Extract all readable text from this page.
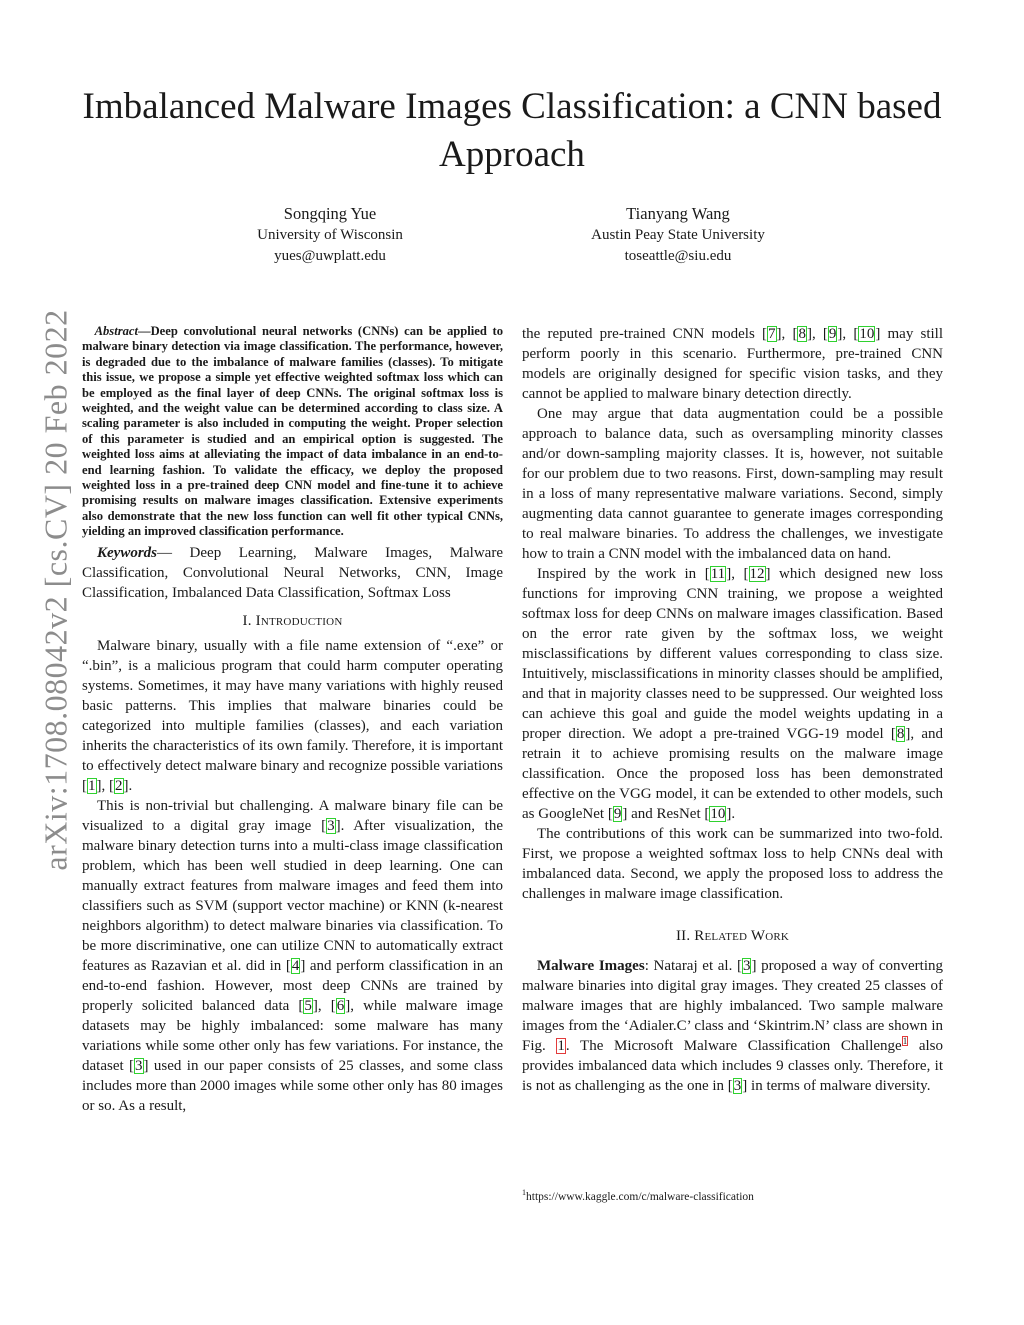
arXiv:1708.08042v2 [cs.CV] 20 Feb 2022
Imbalanced Malware Images Classification: a CNN based Approach
Songqing Yue
University of Wisconsin
yues@uwplatt.edu
Tianyang Wang
Austin Peay State University
toseattle@siu.edu

Abstract—Deep convolutional neural networks (CNNs) can be applied to malware binary detection via image classification. The performance, however, is degraded due to the imbalance of malware families (classes). To mitigate this issue, we propose a simple yet effective weighted softmax loss which can be employed as the final layer of deep CNNs. The original softmax loss is weighted, and the weight value can be determined according to class size. A scaling parameter is also included in computing the weight. Proper selection of this parameter is studied and an empirical option is suggested. The weighted loss aims at alleviating the impact of data imbalance in an end-to-end learning fashion. To validate the efficacy, we deploy the proposed weighted loss in a pre-trained deep CNN model and fine-tune it to achieve promising results on malware images classification. Extensive experiments also demonstrate that the new loss function can well fit other typical CNNs, yielding an improved classification performance.

Keywords— Deep Learning, Malware Images, Malware Classification, Convolutional Neural Networks, CNN, Image Classification, Imbalanced Data Classification, Softmax Loss

I. Introduction

Malware binary, usually with a file name extension of “.exe” or “.bin”, is a malicious program that could harm computer operating systems. Sometimes, it may have many variations with highly reused basic patterns. This implies that malware binaries could be categorized into multiple families (classes), and each variation inherits the characteristics of its own family. Therefore, it is important to effectively detect malware binary and recognize possible variations [1], [2].

This is non-trivial but challenging. A malware binary file can be visualized to a digital gray image [3]. After visualization, the malware binary detection turns into a multi-class image classification problem, which has been well studied in deep learning. One can manually extract features from malware images and feed them into classifiers such as SVM (support vector machine) or KNN (k-nearest neighbors algorithm) to detect malware binaries via classification. To be more discriminative, one can utilize CNN to automatically extract features as Razavian et al. did in [4] and perform classification in an end-to-end fashion. However, most deep CNNs are trained by properly solicited balanced data [5], [6], while malware image datasets may be highly imbalanced: some malware has many variations while some other only has few variations. For instance, the dataset [3] used in our paper consists of 25 classes, and some class includes more than 2000 images while some other only has 80 images or so. As a result,

the reputed pre-trained CNN models [7], [8], [9], [10] may still perform poorly in this scenario. Furthermore, pre-trained CNN models are originally designed for specific vision tasks, and they cannot be applied to malware binary detection directly.

One may argue that data augmentation could be a possible approach to balance data, such as oversampling minority classes and/or down-sampling majority classes. It is, however, not suitable for our problem due to two reasons. First, down-sampling may result in a loss of many representative malware variations. Second, simply augmenting data cannot guarantee to generate images corresponding to real malware binaries. To address the challenges, we investigate how to train a CNN model with the imbalanced data on hand.

Inspired by the work in [11], [12] which designed new loss functions for improving CNN training, we propose a weighted softmax loss for deep CNNs on malware images classification. Based on the error rate given by the softmax loss, we weight misclassifications by different values corresponding to class size. Intuitively, misclassifications in minority classes should be amplified, and that in majority classes need to be suppressed. Our weighted loss can achieve this goal and guide the model weights updating in a proper direction. We adopt a pre-trained VGG-19 model [8], and retrain it to achieve promising results on the malware image classification. Once the proposed loss has been demonstrated effective on the VGG model, it can be extended to other models, such as GoogleNet [9] and ResNet [10].

The contributions of this work can be summarized into two-fold. First, we propose a weighted softmax loss to help CNNs deal with imbalanced data. Second, we apply the proposed loss to address the challenges in malware image classification.

II. Related Work

Malware Images: Nataraj et al. [3] proposed a way of converting malware binaries into digital gray images. They created 25 classes of malware images that are highly imbalanced. Two sample malware images from the ‘Adialer.C’ class and ‘Skintrim.N’ class are shown in Fig. 1. The Microsoft Malware Classification Challenge$^1$ also provides imbalanced data which includes 9 classes only. Therefore, it is not as challenging as the one in [3] in terms of malware diversity.

$^1$https://www.kaggle.com/c/malware-classification
